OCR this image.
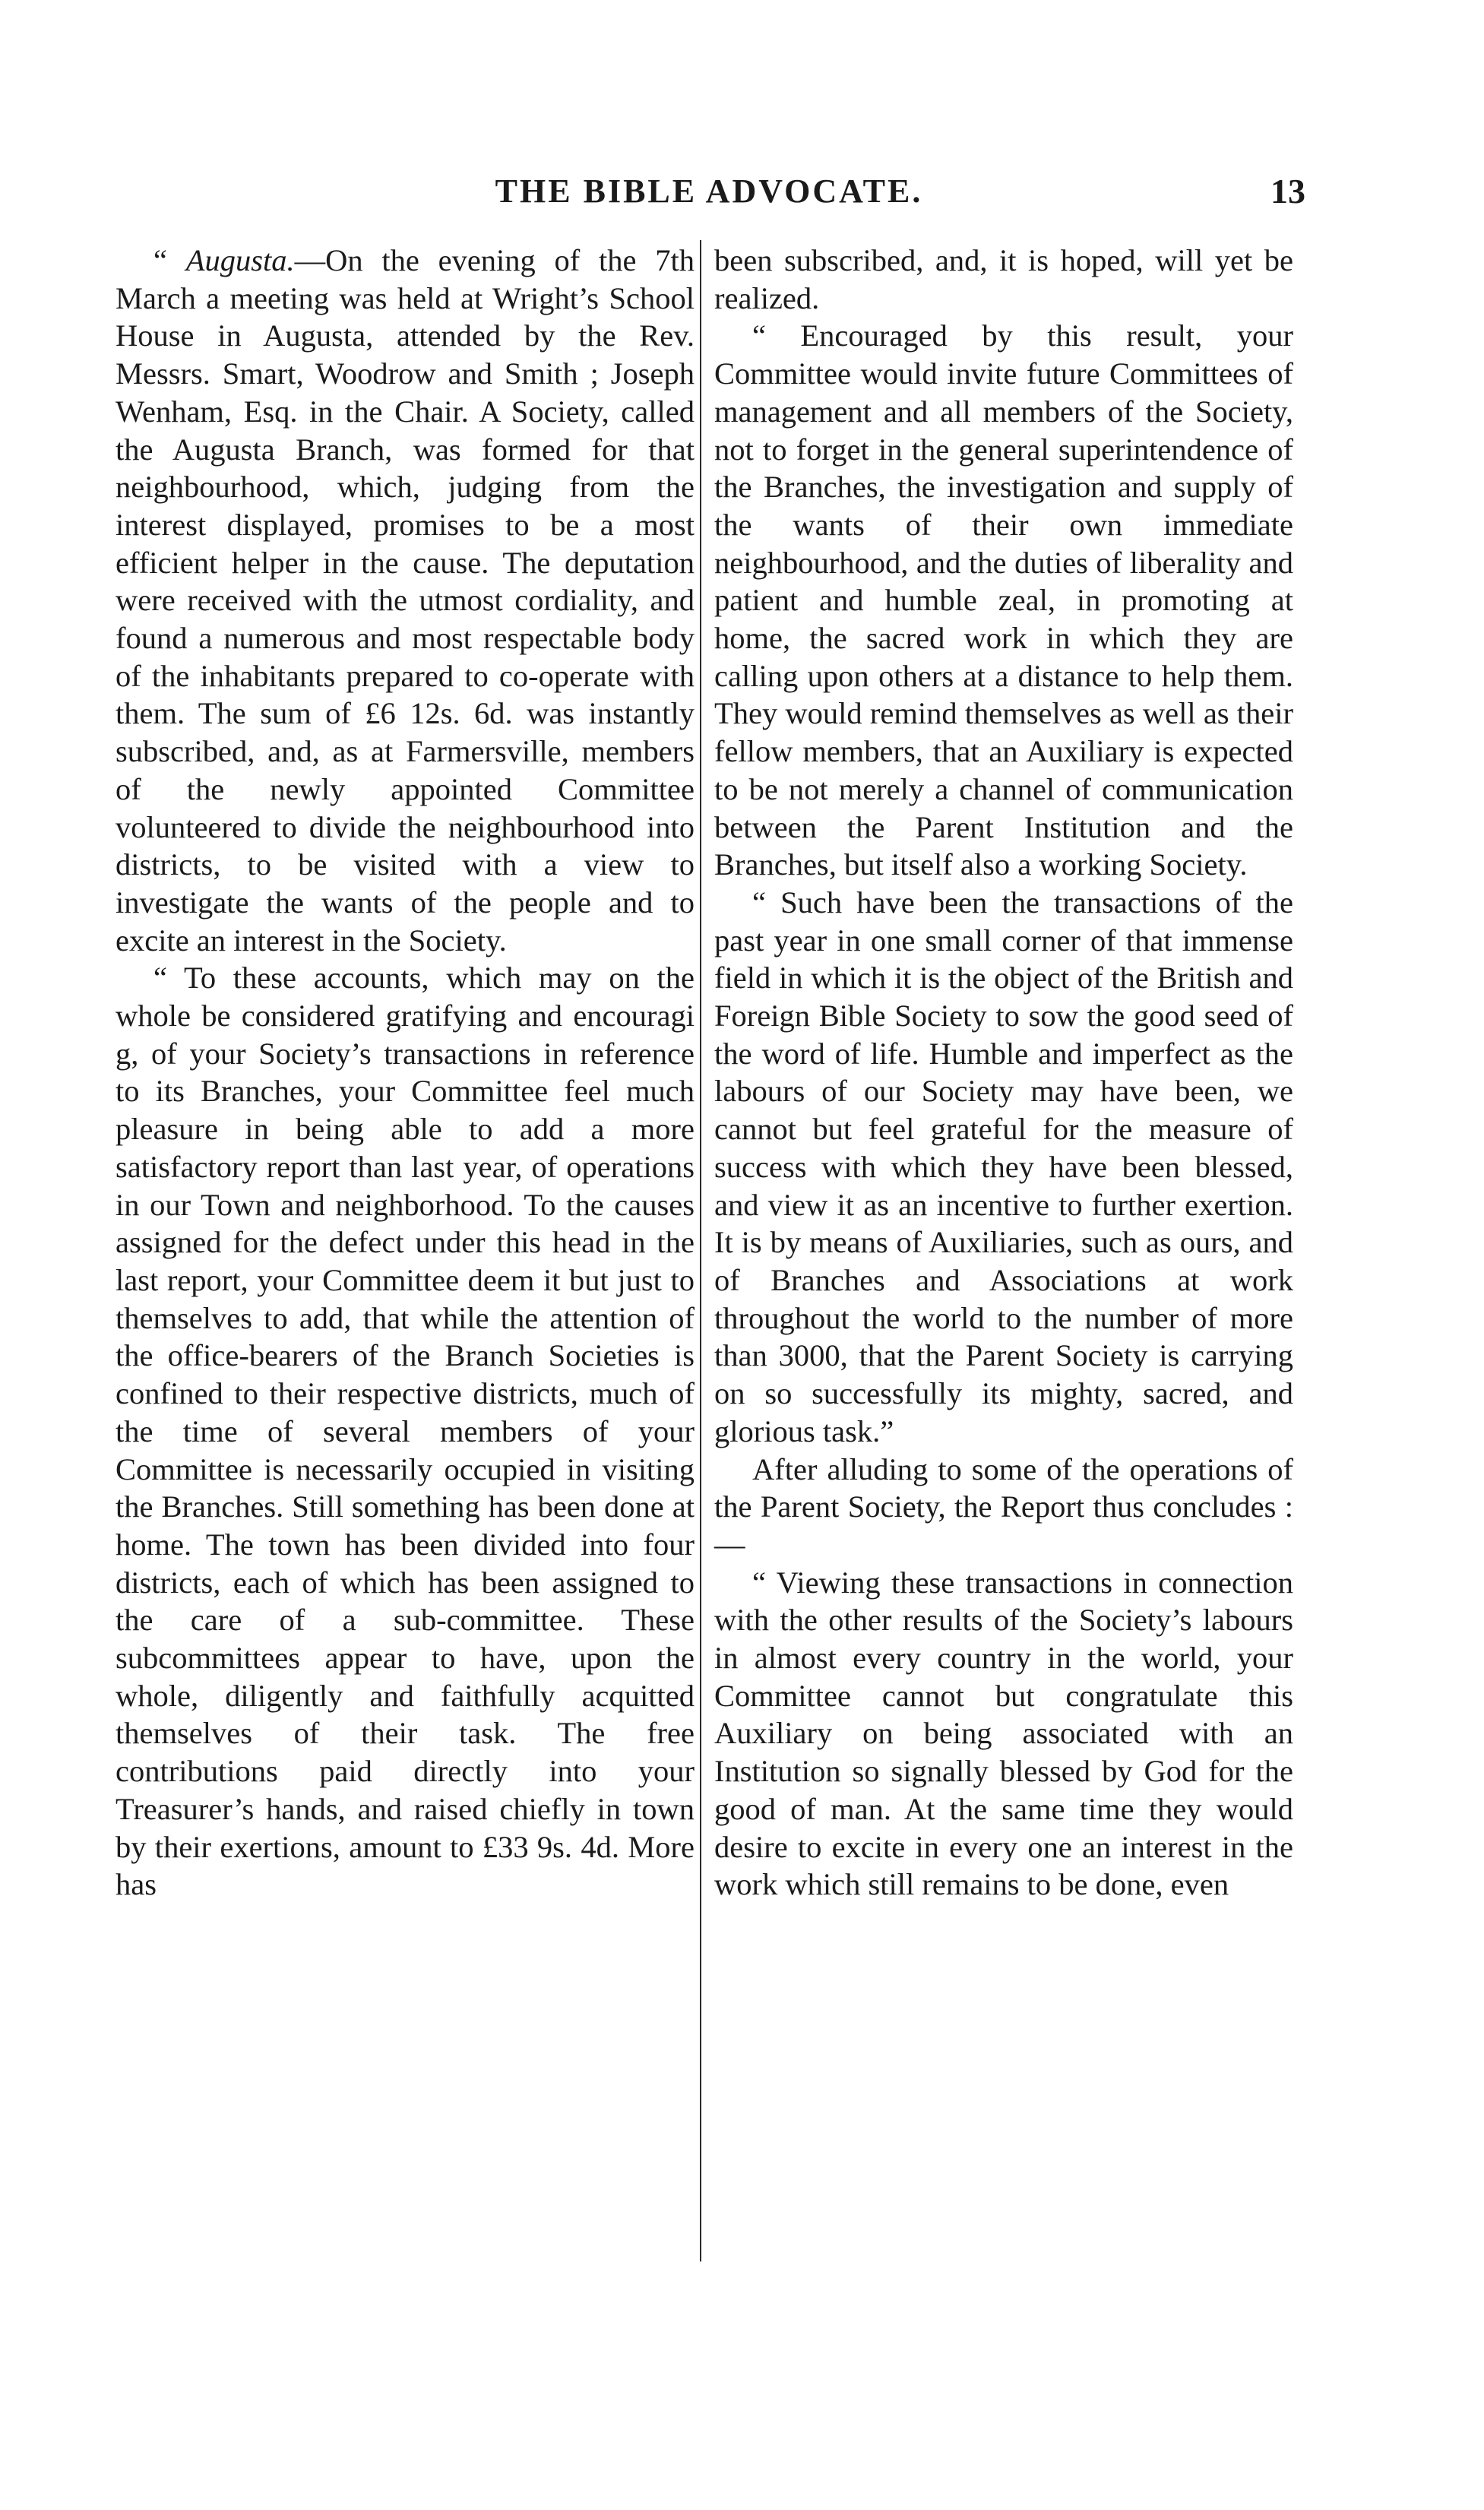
THE BIBLE ADVOCATE.	13

“ Augusta.—On the evening of the 7th March a meeting was held at Wright’s School House in Augusta, attended by the Rev. Messrs. Smart, Woodrow and Smith ; Joseph Wenham, Esq. in the Chair. A Society, called the Augusta Branch, was formed for that neighbourhood, which, judging from the interest displayed, promises to be a most efficient helper in the cause. The deputation were received with the utmost cordiality, and found a numerous and most respectable body of the inhabitants prepared to co-operate with them. The sum of £6 12s. 6d. was instantly subscribed, and, as at Farmersville, members of the newly appointed Committee volunteered to divide the neighbourhood into districts, to be visited with a view to investigate the wants of the people and to excite an interest in the Society.

“ To these accounts, which may on the whole be considered gratifying and encouragi g, of your Society’s transactions in reference to its Branches, your Committee feel much pleasure in being able to add a more satisfactory report than last year, of operations in our Town and neighborhood. To the causes assigned for the defect under this head in the last report, your Committee deem it but just to themselves to add, that while the attention of the office-bearers of the Branch Societies is confined to their respective districts, much of the time of several members of your Committee is necessarily occupied in visiting the Branches. Still something has been done at home. The town has been divided into four districts, each of which has been assigned to the care of a sub-committee. These subcommittees appear to have, upon the whole, diligently and faithfully acquitted themselves of their task. The free contributions paid directly into your Treasurer’s hands, and raised chiefly in town by their exertions, amount to £33 9s. 4d. More has

been subscribed, and, it is hoped, will yet be realized.

“ Encouraged by this result, your Committee would invite future Committees of management and all members of the Society, not to forget in the general superintendence of the Branches, the investigation and supply of the wants of their own immediate neighbourhood, and the duties of liberality and patient and humble zeal, in promoting at home, the sacred work in which they are calling upon others at a distance to help them. They would remind themselves as well as their fellow members, that an Auxiliary is expected to be not merely a channel of communication between the Parent Institution and the Branches, but itself also a working Society.

“ Such have been the transactions of the past year in one small corner of that immense field in which it is the object of the British and Foreign Bible Society to sow the good seed of the word of life. Humble and imperfect as the labours of our Society may have been, we cannot but feel grateful for the measure of success with which they have been blessed, and view it as an incentive to further exertion. It is by means of Auxiliaries, such as ours, and of Branches and Associations at work throughout the world to the number of more than 3000, that the Parent Society is carrying on so successfully its mighty, sacred, and glorious task.”

After alluding to some of the operations of the Parent Society, the Report thus concludes :—

“ Viewing these transactions in connection with the other results of the Society’s labours in almost every country in the world, your Committee cannot but congratulate this Auxiliary on being associated with an Institution so signally blessed by God for the good of man. At the same time they would desire to excite in every one an interest in the work which still remains to be done, even
